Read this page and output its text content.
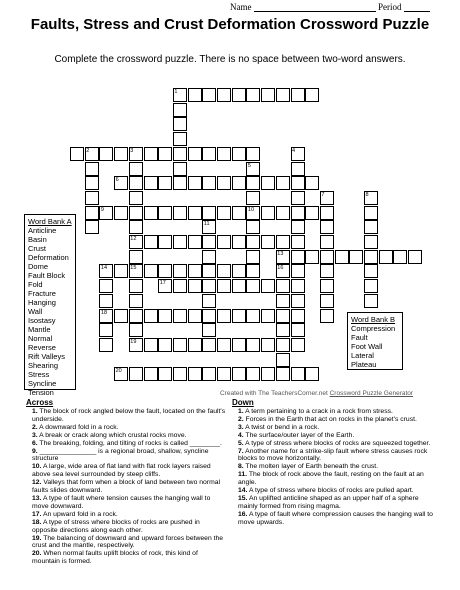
Name	Period
Faults, Stress and Crust Deformation Crossword Puzzle
Complete the crossword puzzle. There is no space between two-word answers.
1
2	3	4
5
6
7	8
9	10
11
12
13
14	15	16
17
18
19
20
Word Bank A
Anticline
Basin
Crust
Deformation
Dome
Fault Block
Fold
Fracture
Hanging Wall
Isostasy
Mantle
Normal
Reverse
Rift Valleys
Shearing
Stress
Syncline
Tension
Word Bank B
Compression
Fault
Foot Wall
Lateral
Plateau
Created with The TeachersCorner.net Crossword Puzzle Generator
Across
1. The block of rock angled below the fault, located on the fault's underside.
2. A downward fold in a rock.
3. A break or crack along which crustal rocks move.
6. The breaking, folding, and tilting of rocks is called ________.
9. _______________ is a regional broad, shallow, syncline structure
10. A large, wide area of flat land with flat rock layers raised above sea level surrounded by steep cliffs.
12. Valleys that form when a block of land between two normal faults slides downward.
13. A type of fault where tension causes the hanging wall to move downward.
17. An upward fold in a rock.
18. A type of stress where blocks of rocks are pushed in opposite directions along each other.
19. The balancing of downward and upward forces between the crust and the mantle, respectively.
20. When normal faults uplift blocks of rock, this kind of mountain is formed.
Down
1. A term pertaining to a crack in a rock from stress.
2. Forces in the Earth that act on rocks in the planet's crust.
3. A twist or bend in a rock.
4. The surface/outer layer of the Earth.
5. A type of stress where blocks of rocks are squeezed together.
7. Another name for a strike-slip fault where stress causes rock blocks to move horizontally.
8. The molten layer of Earth beneath the crust.
11. The block of rock above the fault, resting on the fault at an angle.
14. A type of stress where blocks of rocks are pulled apart.
15. An uplifted anticline shaped as an upper half of a sphere mainly formed from rising magma.
16. A type of fault where compression causes the hanging wall to move upwards.
